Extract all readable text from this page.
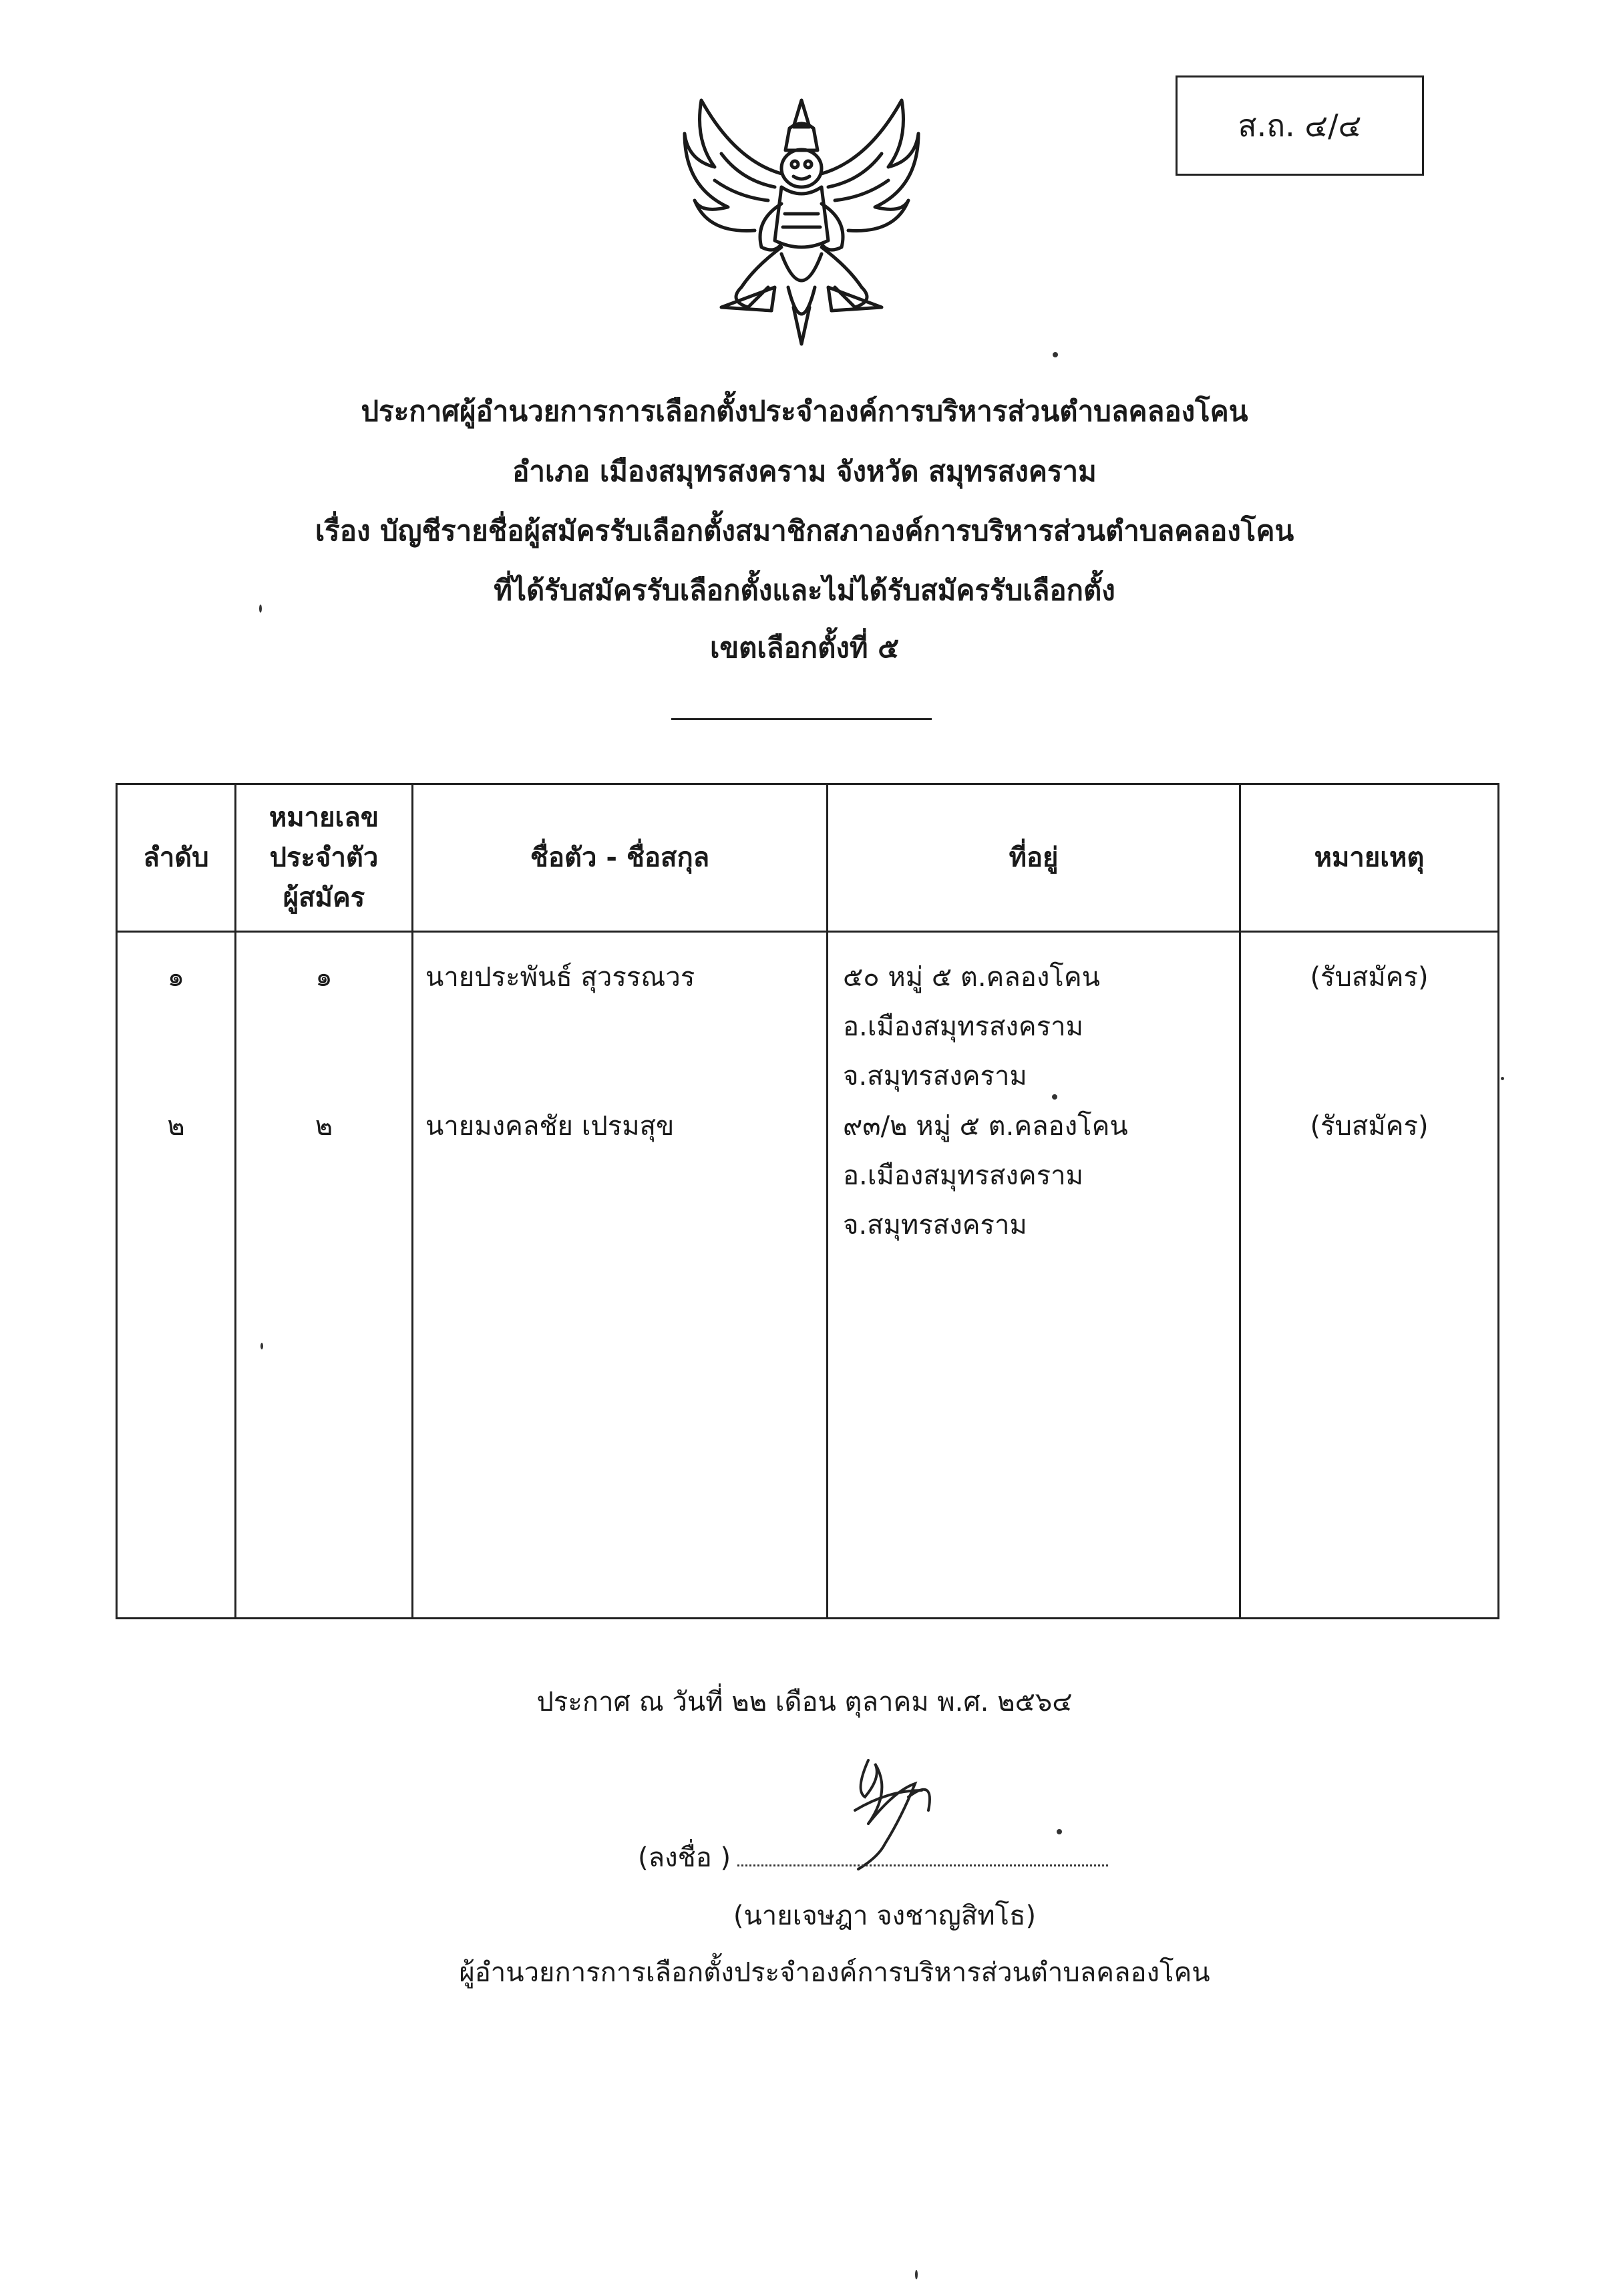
ส.ถ. ๔/๔
ประกาศผู้อำนวยการการเลือกตั้งประจำองค์การบริหารส่วนตำบลคลองโคน
อำเภอ เมืองสมุทรสงคราม จังหวัด สมุทรสงคราม
เรื่อง บัญชีรายชื่อผู้สมัครรับเลือกตั้งสมาชิกสภาองค์การบริหารส่วนตำบลคลองโคน
ที่ได้รับสมัครรับเลือกตั้งและไม่ได้รับสมัครรับเลือกตั้ง
เขตเลือกตั้งที่ ๕
ลำดับ	หมายเลข
ประจำตัว
ผู้สมัคร	ชื่อตัว - ชื่อสกุล	ที่อยู่	หมายเหตุ
๑	๑	นายประพันธ์ สุวรรณวร	๕๐ หมู่ ๕ ต.คลองโคน
อ.เมืองสมุทรสงคราม
จ.สมุทรสงคราม	(รับสมัคร)
๒	๒	นายมงคลชัย เปรมสุข	๙๓/๒ หมู่ ๕ ต.คลองโคน
อ.เมืองสมุทรสงคราม
จ.สมุทรสงคราม	(รับสมัคร)

ประกาศ ณ วันที่ ๒๒ เดือน ตุลาคม พ.ศ. ๒๕๖๔
(ลงชื่อ )
(นายเจษฎา จงชาญสิทโธ)
ผู้อำนวยการการเลือกตั้งประจำองค์การบริหารส่วนตำบลคลองโคน
